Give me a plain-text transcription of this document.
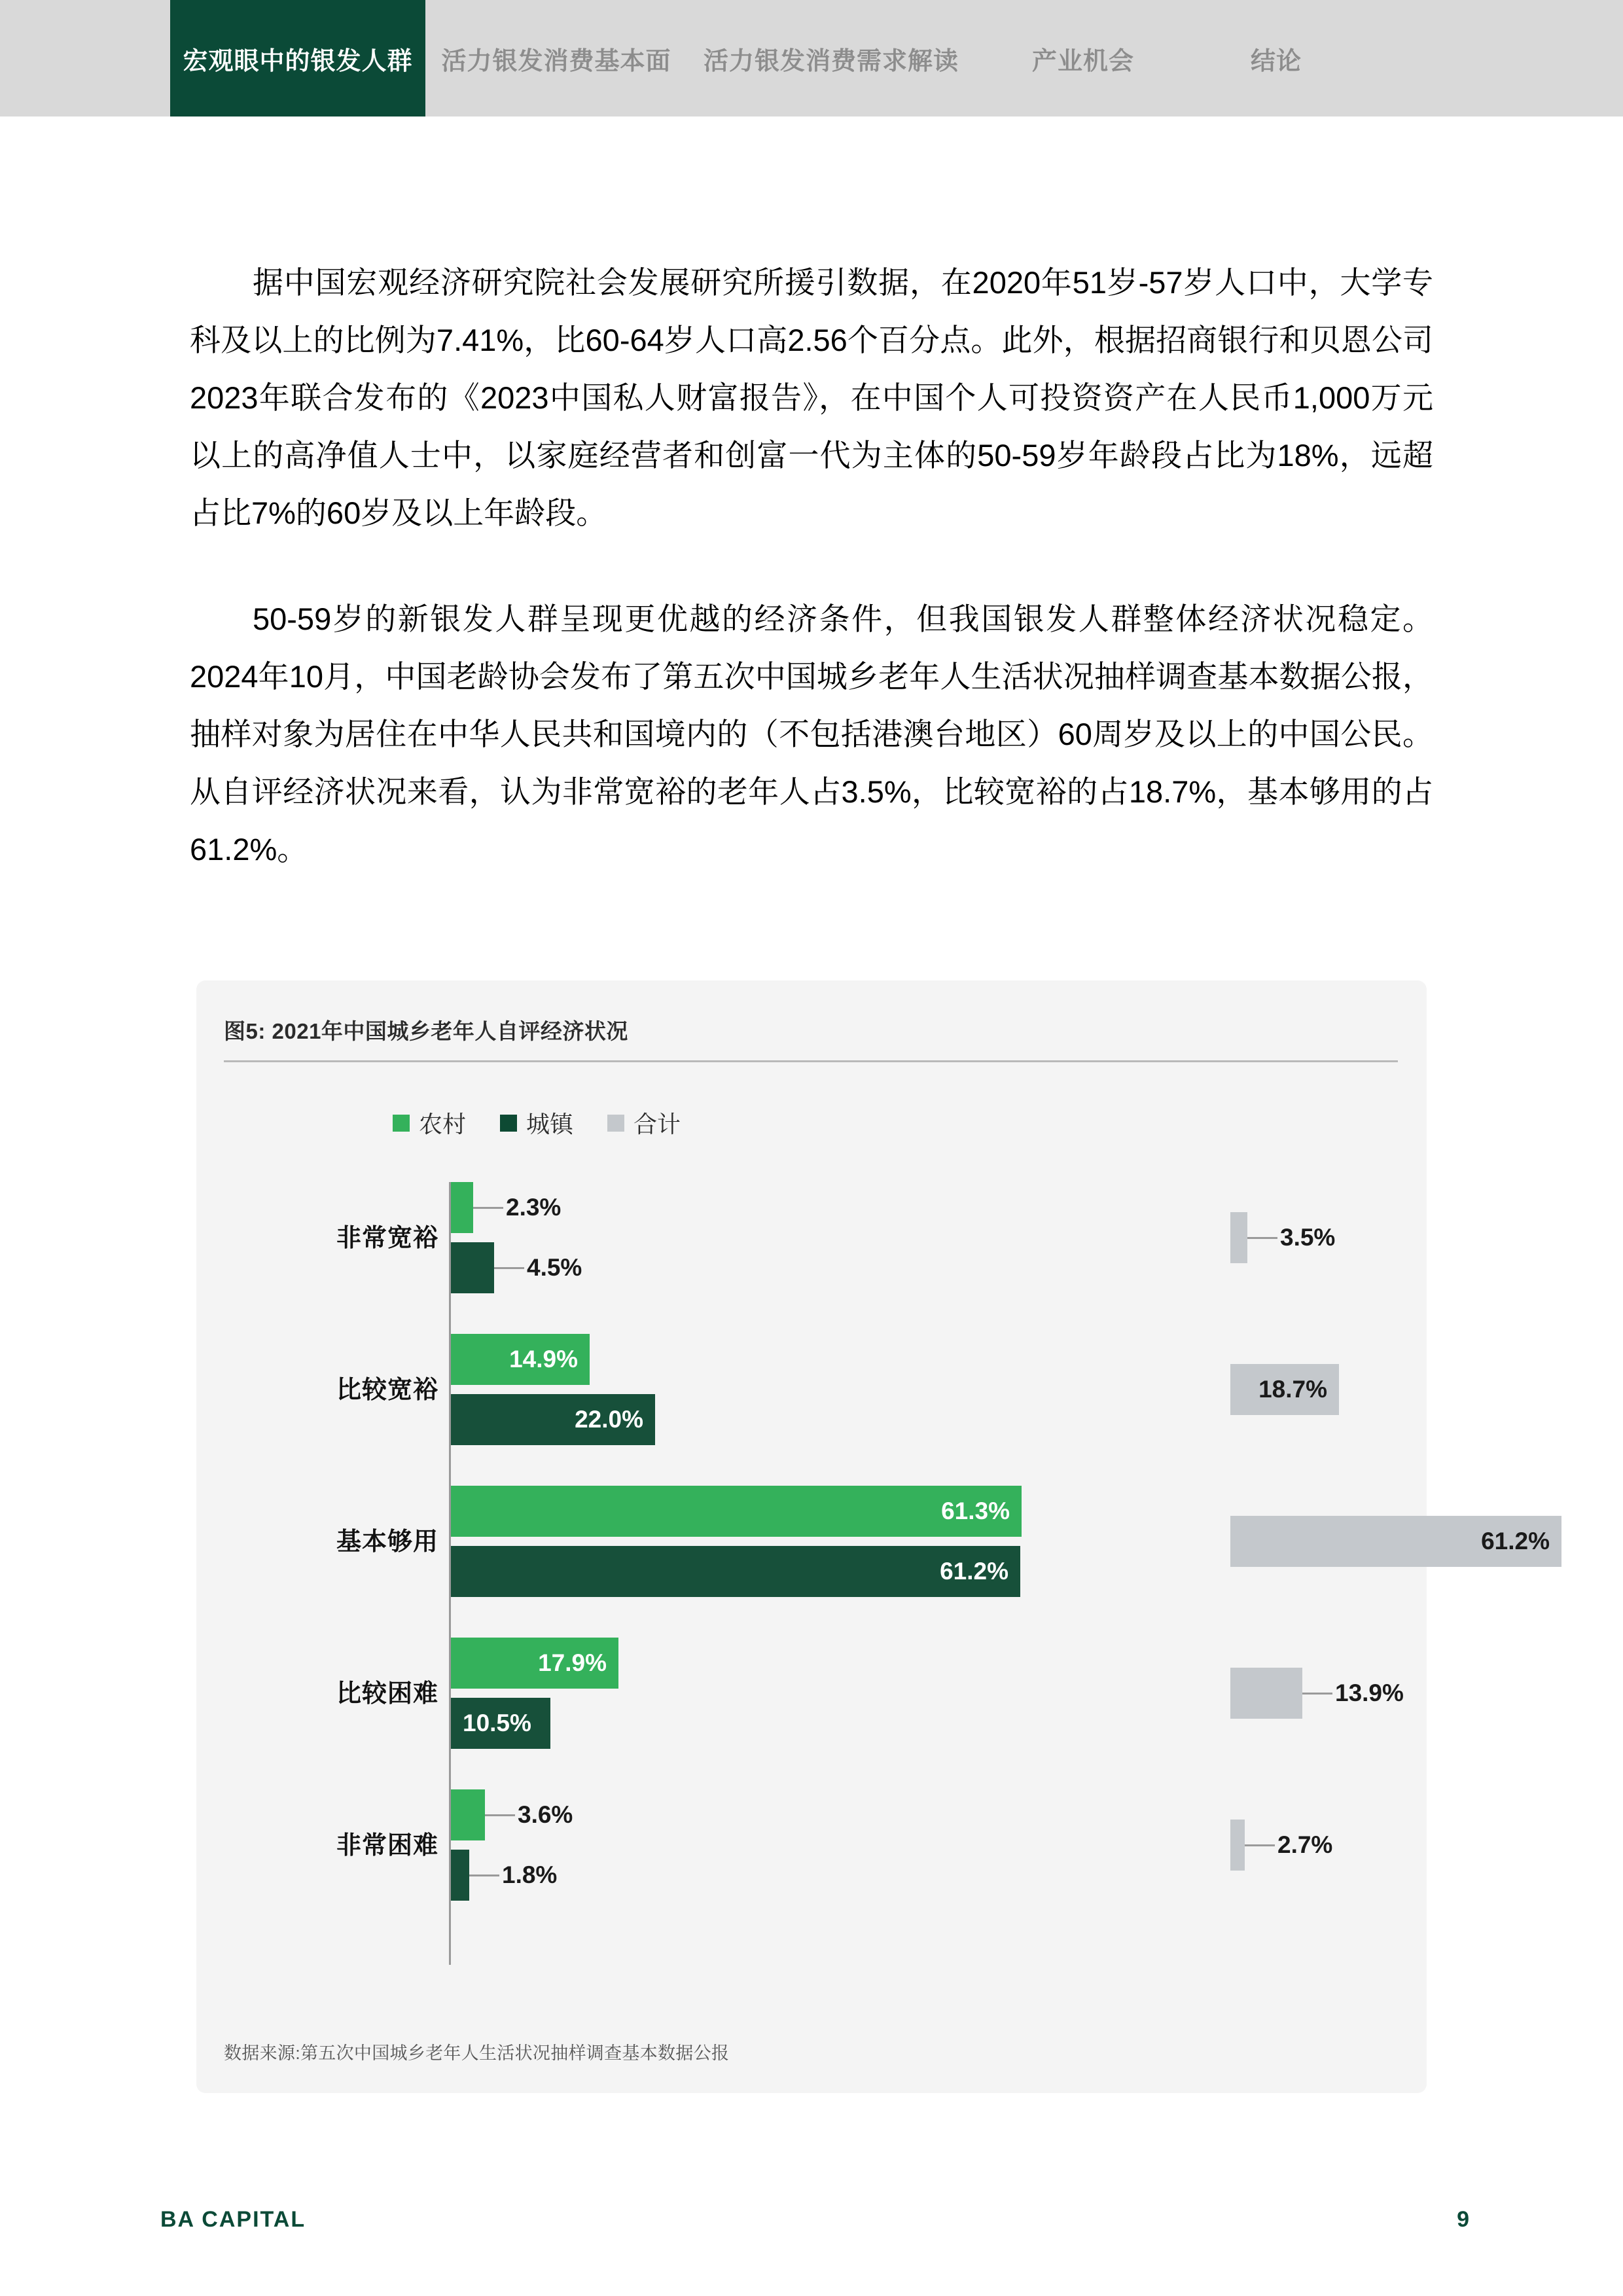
宏观眼中的银发人群 活力银发消费基本面 活力银发消费需求解读	产业机会	结论

据中国宏观经济研究院社会发展研究所援引数据，在2020年51岁-57岁人口中，大学专科及以上的比例为7.41%，比60-64岁人口高2.56个百分点。此外，根据招商银行和贝恩公司2023年联合发布的《2023中国私人财富报告》，在中国个人可投资资产在人民币1,000万元以上的高净值人士中，以家庭经营者和创富一代为主体的50-59岁年龄段占比为18%，远超占比7%的60岁及以上年龄段。

50-59岁的新银发人群呈现更优越的经济条件，但我国银发人群整体经济状况稳定。2024年10月，中国老龄协会发布了第五次中国城乡老年人生活状况抽样调查基本数据公报，抽样对象为居住在中华人民共和国境内的（不包括港澳台地区）60周岁及以上的中国公民。从自评经济状况来看，认为非常宽裕的老年人占3.5%，比较宽裕的占18.7%，基本够用的占61.2%。

图5: 2021年中国城乡老年人自评经济状况
农村	城镇	合计
非常宽裕
2.3%
4.5%
3.5%
比较宽裕
14.9%
22.0%
18.7%
基本够用
61.3%
61.2%
61.2%
比较困难
17.9%
10.5%
13.9%
非常困难
3.6%
1.8%
2.7%
数据来源:第五次中国城乡老年人生活状况抽样调查基本数据公报
BA CAPITAL	9
